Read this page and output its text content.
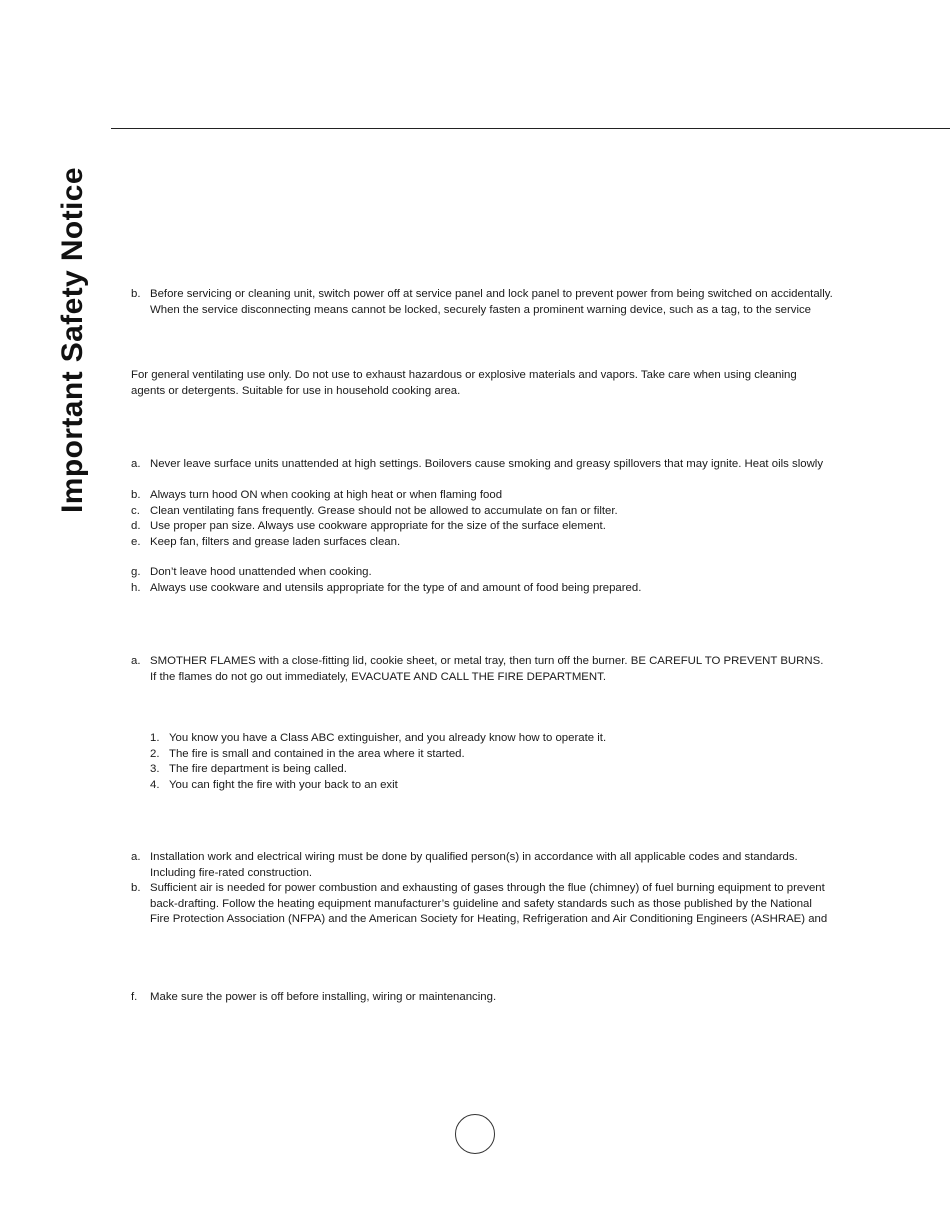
Important Safety Notice	b. Before servicing or cleaning unit, switch power off at service panel and lock panel to prevent power from being switched on accidentally.

When the service disconnecting means cannot be locked, securely fasten a prominent warning device, such as a tag, to the service

For general ventilating use only. Do not use to exhaust hazardous or explosive materials and vapors. Take care when using cleaning

agents or detergents. Suitable for use in household cooking area.

a. Never leave surface units unattended at high settings. Boilovers cause smoking and greasy spillovers that may ignite. Heat oils slowly

b. Always turn hood ON when cooking at high heat or when flaming food

c. Clean ventilating fans frequently. Grease should not be allowed to accumulate on fan or filter.

d. Use proper pan size. Always use cookware appropriate for the size of the surface element.

e. Keep fan, filters and grease laden surfaces clean.

g. Don’t leave hood unattended when cooking.

h. Always use cookware and utensils appropriate for the type of and amount of food being prepared.

a. SMOTHER FLAMES with a close-fitting lid, cookie sheet, or metal tray, then turn off the burner. BE CAREFUL TO PREVENT BURNS.

If the flames do not go out immediately, EVACUATE AND CALL THE FIRE DEPARTMENT.

1. You know you have a Class ABC extinguisher, and you already know how to operate it.

2. The fire is small and contained in the area where it started.

3. The fire department is being called.

4. You can fight the fire with your back to an exit

a. Installation work and electrical wiring must be done by qualified person(s) in accordance with all applicable codes and standards.

Including fire-rated construction.

b. Sufficient air is needed for power combustion and exhausting of gases through the flue (chimney) of fuel burning equipment to prevent

back-drafting. Follow the heating equipment manufacturer’s guideline and safety standards such as those published by the National

Fire Protection Association (NFPA) and the American Society for Heating, Refrigeration and Air Conditioning Engineers (ASHRAE) and

f. Make sure the power is off before installing, wiring or maintenancing.
